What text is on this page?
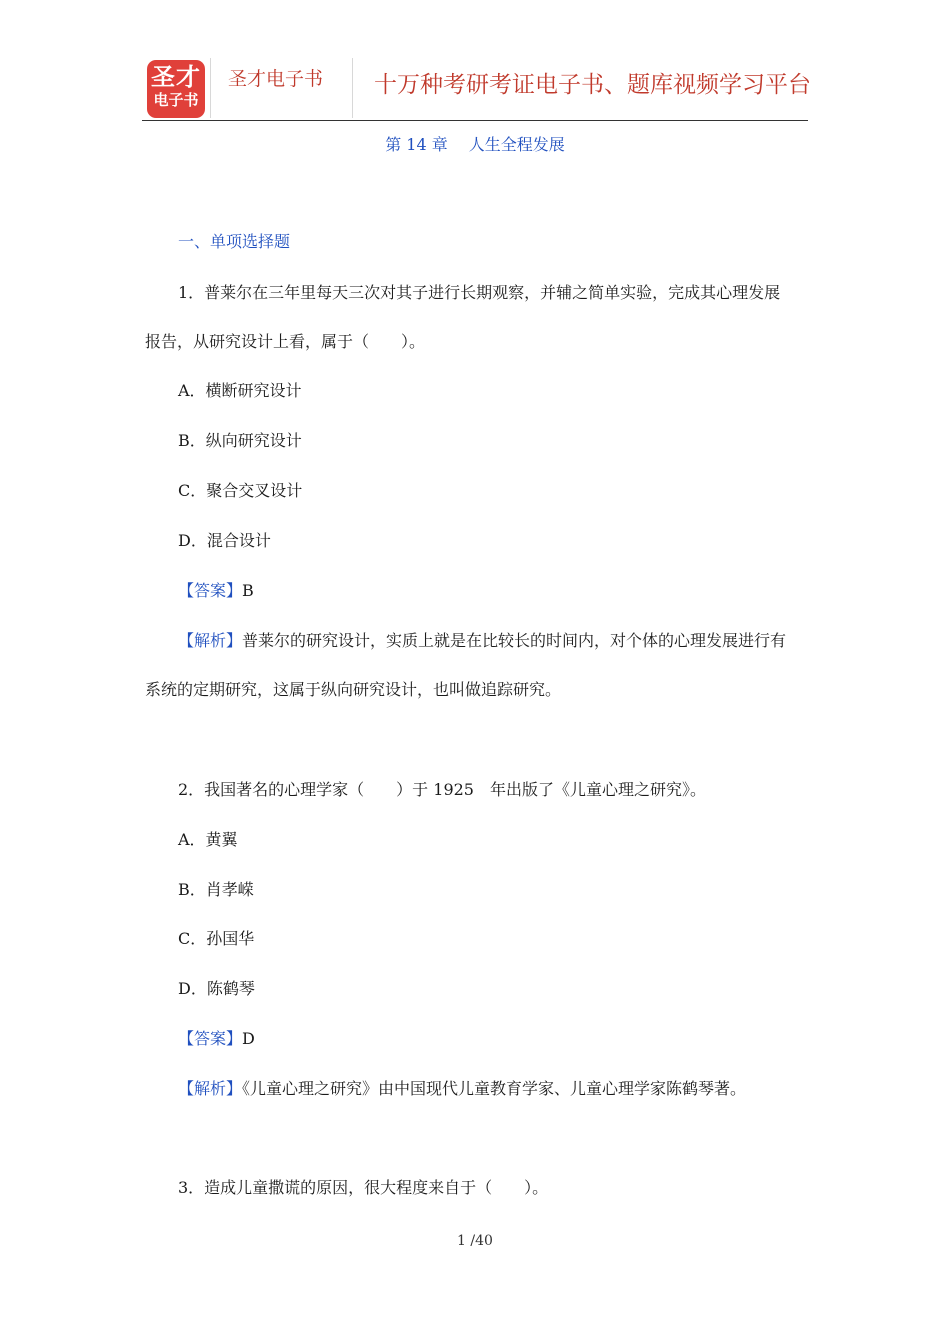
圣才
电子书
圣才电子书 十万种考研考证电子书、题库视频学习平台
第 14 章　 人生全程发展
一、单项选择题
1．普莱尔在三年里每天三次对其子进行长期观察，并辅之简单实验，完成其心理发展
报告，从研究设计上看，属于（　　）。
A．横断研究设计
B．纵向研究设计
C．聚合交叉设计
D．混合设计
【答案】B
【解析】普莱尔的研究设计，实质上就是在比较长的时间内，对个体的心理发展进行有
系统的定期研究，这属于纵向研究设计，也叫做追踪研究。
2．我国著名的心理学家（　　）于 1925　年出版了《儿童心理之研究》。
A．黄翼
B．肖孝嵘
C．孙国华
D．陈鹤琴
【答案】D
【解析】《儿童心理之研究》由中国现代儿童教育学家、儿童心理学家陈鹤琴著。
3．造成儿童撒谎的原因，很大程度来自于（　　）。
1 /40
